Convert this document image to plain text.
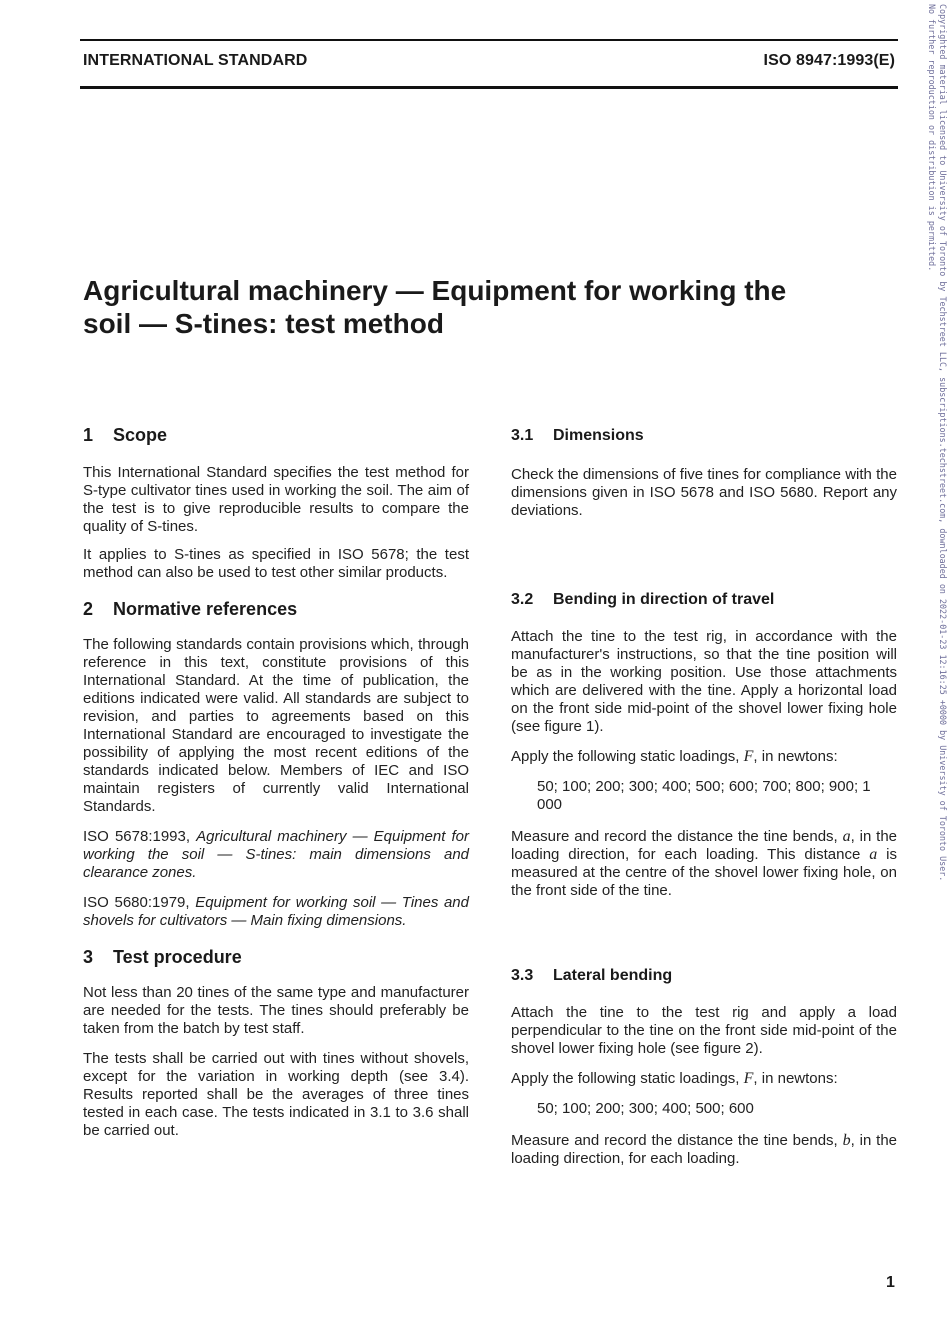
INTERNATIONAL STANDARD	ISO 8947:1993(E)
Agricultural machinery — Equipment for working the
soil — S-tines: test method
1 Scope

This International Standard specifies the test method for S-type cultivator tines used in working the soil. The aim of the test is to give reproducible results to compare the quality of S-tines.

It applies to S-tines as specified in ISO 5678; the test method can also be used to test other similar products.

2 Normative references

The following standards contain provisions which, through reference in this text, constitute provisions of this International Standard. At the time of publication, the editions indicated were valid. All standards are subject to revision, and parties to agreements based on this International Standard are encouraged to investigate the possibility of applying the most recent editions of the standards indicated below. Members of IEC and ISO maintain registers of currently valid International Standards.

ISO 5678:1993, Agricultural machinery — Equipment for working the soil — S-tines: main dimensions and clearance zones.

ISO 5680:1979, Equipment for working soil — Tines and shovels for cultivators — Main fixing dimensions.

3 Test procedure

Not less than 20 tines of the same type and manufacturer are needed for the tests. The tines should preferably be taken from the batch by test staff.

The tests shall be carried out with tines without shovels, except for the variation in working depth (see 3.4). Results reported shall be the averages of three tines tested in each case. The tests indicated in 3.1 to 3.6 shall be carried out.

3.1 Dimensions

Check the dimensions of five tines for compliance with the dimensions given in ISO 5678 and ISO 5680. Report any deviations.

3.2 Bending in direction of travel

Attach the tine to the test rig, in accordance with the manufacturer's instructions, so that the tine position will be as in the working position. Use those attachments which are delivered with the tine. Apply a horizontal load on the front side mid-point of the shovel lower fixing hole (see figure 1).

Apply the following static loadings, F, in newtons:

50; 100; 200; 300; 400; 500; 600; 700; 800; 900; 1 000

Measure and record the distance the tine bends, a, in the loading direction, for each loading. This distance a is measured at the centre of the shovel lower fixing hole, on the front side of the tine.

3.3 Lateral bending

Attach the tine to the test rig and apply a load perpendicular to the tine on the front side mid-point of the shovel lower fixing hole (see figure 2).

Apply the following static loadings, F, in newtons:

50; 100; 200; 300; 400; 500; 600

Measure and record the distance the tine bends, b, in the loading direction, for each loading.

1
Copyrighted material licensed to University of Toronto by Techstreet LLC, subscriptions.techstreet.com, downloaded on 2022-01-23 12:16:25 +0000 by University of Toronto User.
No further reproduction or distribution is permitted.
